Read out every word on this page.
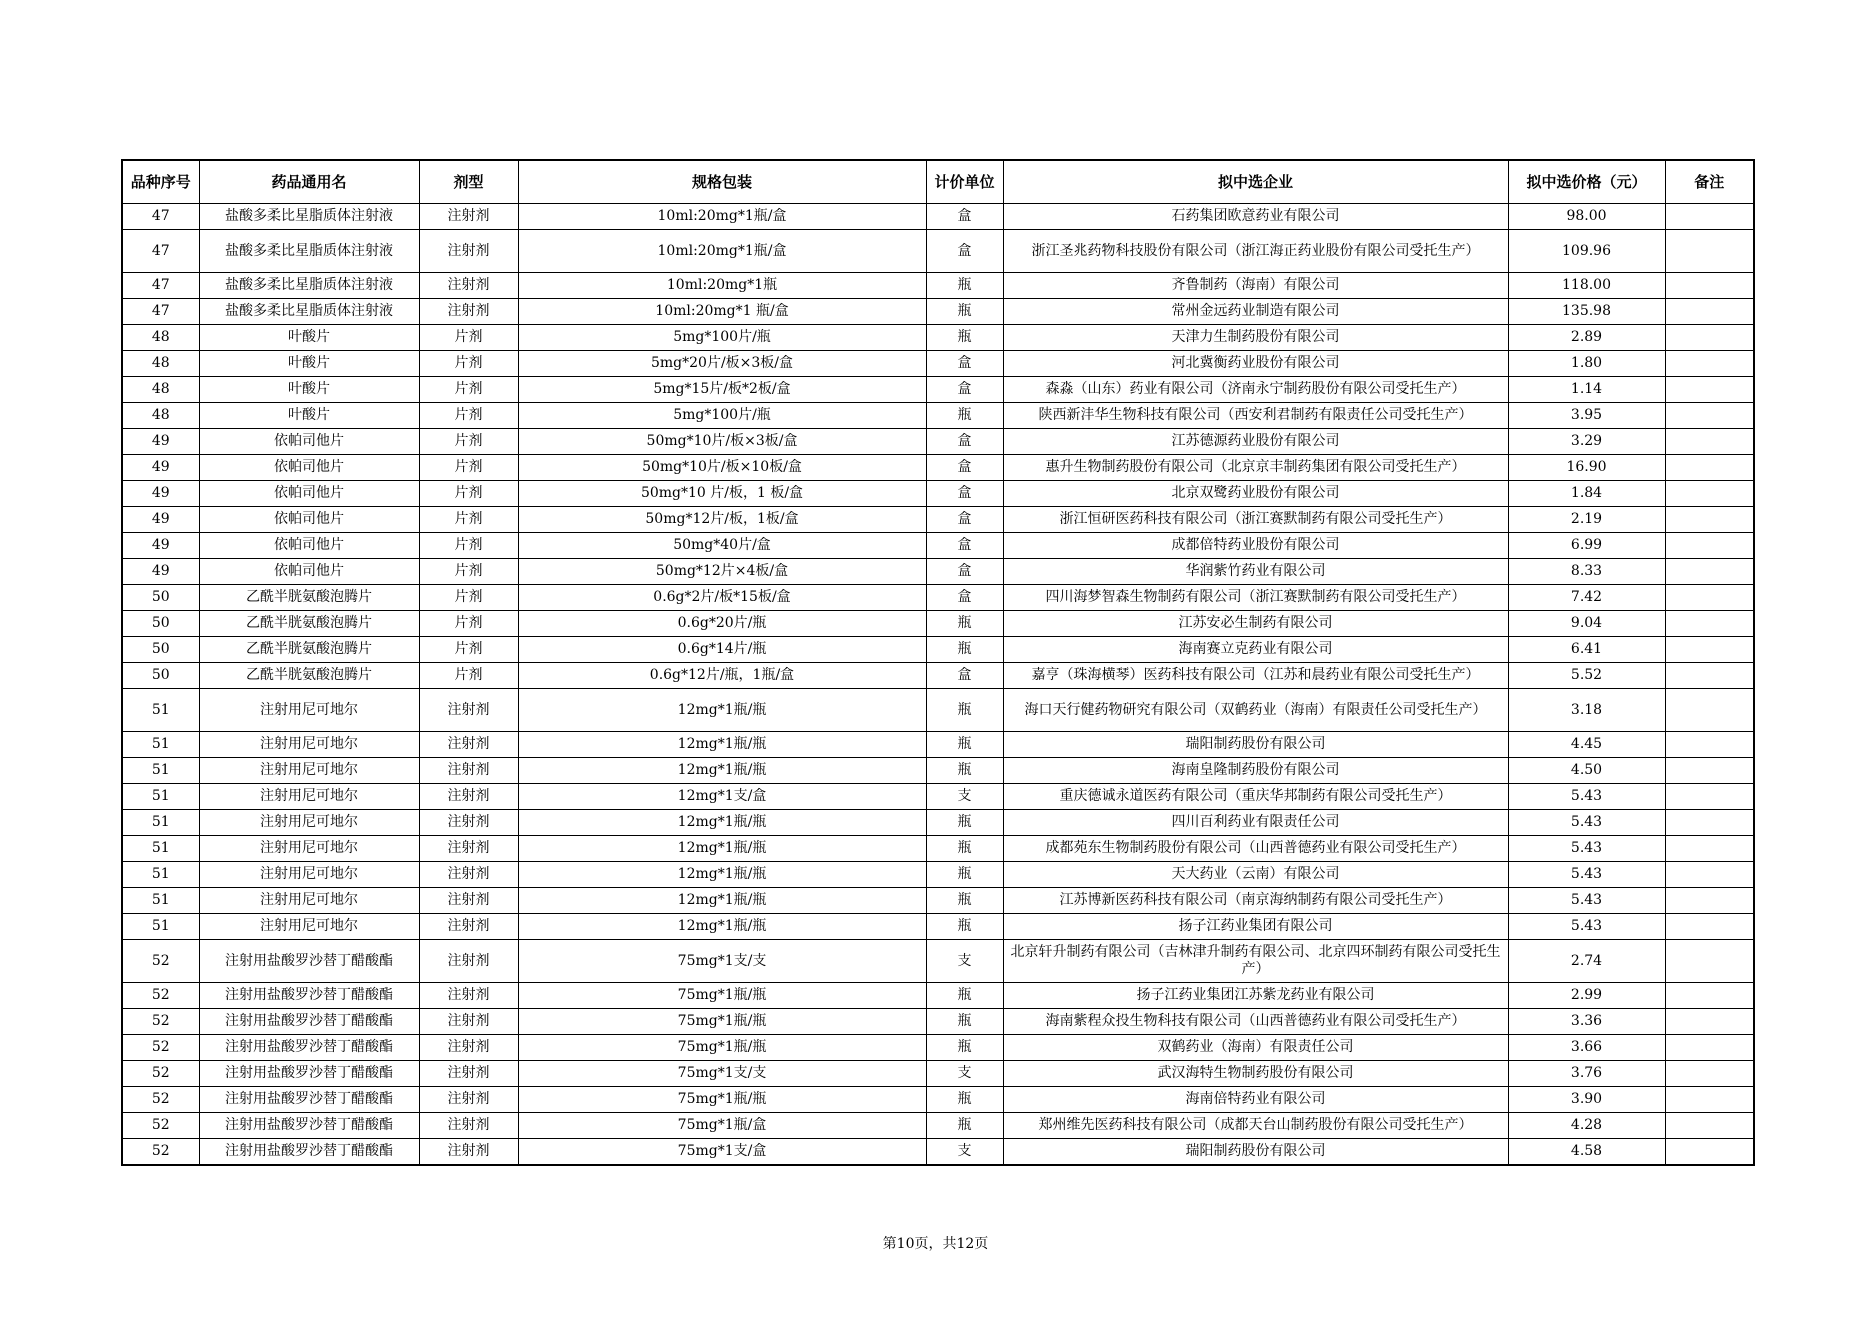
品种序号	药品通用名	剂型	规格包装	计价单位	拟中选企业	拟中选价格（元）	备注
47	盐酸多柔比星脂质体注射液	注射剂	10ml:20mg*1瓶/盒	盒	石药集团欧意药业有限公司	98.00	
47	盐酸多柔比星脂质体注射液	注射剂	10ml:20mg*1瓶/盒	盒	浙江圣兆药物科技股份有限公司（浙江海正药业股份有限公司受托生产）	109.96	
47	盐酸多柔比星脂质体注射液	注射剂	10ml:20mg*1瓶	瓶	齐鲁制药（海南）有限公司	118.00	
47	盐酸多柔比星脂质体注射液	注射剂	10ml:20mg*1 瓶/盒	瓶	常州金远药业制造有限公司	135.98	
48	叶酸片	片剂	5mg*100片/瓶	瓶	天津力生制药股份有限公司	2.89	
48	叶酸片	片剂	5mg*20片/板×3板/盒	盒	河北冀衡药业股份有限公司	1.80	
48	叶酸片	片剂	5mg*15片/板*2板/盒	盒	森淼（山东）药业有限公司（济南永宁制药股份有限公司受托生产）	1.14	
48	叶酸片	片剂	5mg*100片/瓶	瓶	陕西新沣华生物科技有限公司（西安利君制药有限责任公司受托生产）	3.95	
49	依帕司他片	片剂	50mg*10片/板×3板/盒	盒	江苏德源药业股份有限公司	3.29	
49	依帕司他片	片剂	50mg*10片/板×10板/盒	盒	惠升生物制药股份有限公司（北京京丰制药集团有限公司受托生产）	16.90	
49	依帕司他片	片剂	50mg*10 片/板，1 板/盒	盒	北京双鹭药业股份有限公司	1.84	
49	依帕司他片	片剂	50mg*12片/板，1板/盒	盒	浙江恒研医药科技有限公司（浙江赛默制药有限公司受托生产）	2.19	
49	依帕司他片	片剂	50mg*40片/盒	盒	成都倍特药业股份有限公司	6.99	
49	依帕司他片	片剂	50mg*12片×4板/盒	盒	华润紫竹药业有限公司	8.33	
50	乙酰半胱氨酸泡腾片	片剂	0.6g*2片/板*15板/盒	盒	四川海梦智森生物制药有限公司（浙江赛默制药有限公司受托生产）	7.42	
50	乙酰半胱氨酸泡腾片	片剂	0.6g*20片/瓶	瓶	江苏安必生制药有限公司	9.04	
50	乙酰半胱氨酸泡腾片	片剂	0.6g*14片/瓶	瓶	海南赛立克药业有限公司	6.41	
50	乙酰半胱氨酸泡腾片	片剂	0.6g*12片/瓶，1瓶/盒	盒	嘉亨（珠海横琴）医药科技有限公司（江苏和晨药业有限公司受托生产）	5.52	
51	注射用尼可地尔	注射剂	12mg*1瓶/瓶	瓶	海口天行健药物研究有限公司（双鹤药业（海南）有限责任公司受托生产）	3.18	
51	注射用尼可地尔	注射剂	12mg*1瓶/瓶	瓶	瑞阳制药股份有限公司	4.45	
51	注射用尼可地尔	注射剂	12mg*1瓶/瓶	瓶	海南皇隆制药股份有限公司	4.50	
51	注射用尼可地尔	注射剂	12mg*1支/盒	支	重庆德诚永道医药有限公司（重庆华邦制药有限公司受托生产）	5.43	
51	注射用尼可地尔	注射剂	12mg*1瓶/瓶	瓶	四川百利药业有限责任公司	5.43	
51	注射用尼可地尔	注射剂	12mg*1瓶/瓶	瓶	成都苑东生物制药股份有限公司（山西普德药业有限公司受托生产）	5.43	
51	注射用尼可地尔	注射剂	12mg*1瓶/瓶	瓶	天大药业（云南）有限公司	5.43	
51	注射用尼可地尔	注射剂	12mg*1瓶/瓶	瓶	江苏博新医药科技有限公司（南京海纳制药有限公司受托生产）	5.43	
51	注射用尼可地尔	注射剂	12mg*1瓶/瓶	瓶	扬子江药业集团有限公司	5.43	
52	注射用盐酸罗沙替丁醋酸酯	注射剂	75mg*1支/支	支	北京轩升制药有限公司（吉林津升制药有限公司、北京四环制药有限公司受托生产）	2.74	
52	注射用盐酸罗沙替丁醋酸酯	注射剂	75mg*1瓶/瓶	瓶	扬子江药业集团江苏紫龙药业有限公司	2.99	
52	注射用盐酸罗沙替丁醋酸酯	注射剂	75mg*1瓶/瓶	瓶	海南紫程众投生物科技有限公司（山西普德药业有限公司受托生产）	3.36	
52	注射用盐酸罗沙替丁醋酸酯	注射剂	75mg*1瓶/瓶	瓶	双鹤药业（海南）有限责任公司	3.66	
52	注射用盐酸罗沙替丁醋酸酯	注射剂	75mg*1支/支	支	武汉海特生物制药股份有限公司	3.76	
52	注射用盐酸罗沙替丁醋酸酯	注射剂	75mg*1瓶/瓶	瓶	海南倍特药业有限公司	3.90	
52	注射用盐酸罗沙替丁醋酸酯	注射剂	75mg*1瓶/盒	瓶	郑州维先医药科技有限公司（成都天台山制药股份有限公司受托生产）	4.28	
52	注射用盐酸罗沙替丁醋酸酯	注射剂	75mg*1支/盒	支	瑞阳制药股份有限公司	4.58	
第10页，共12页
